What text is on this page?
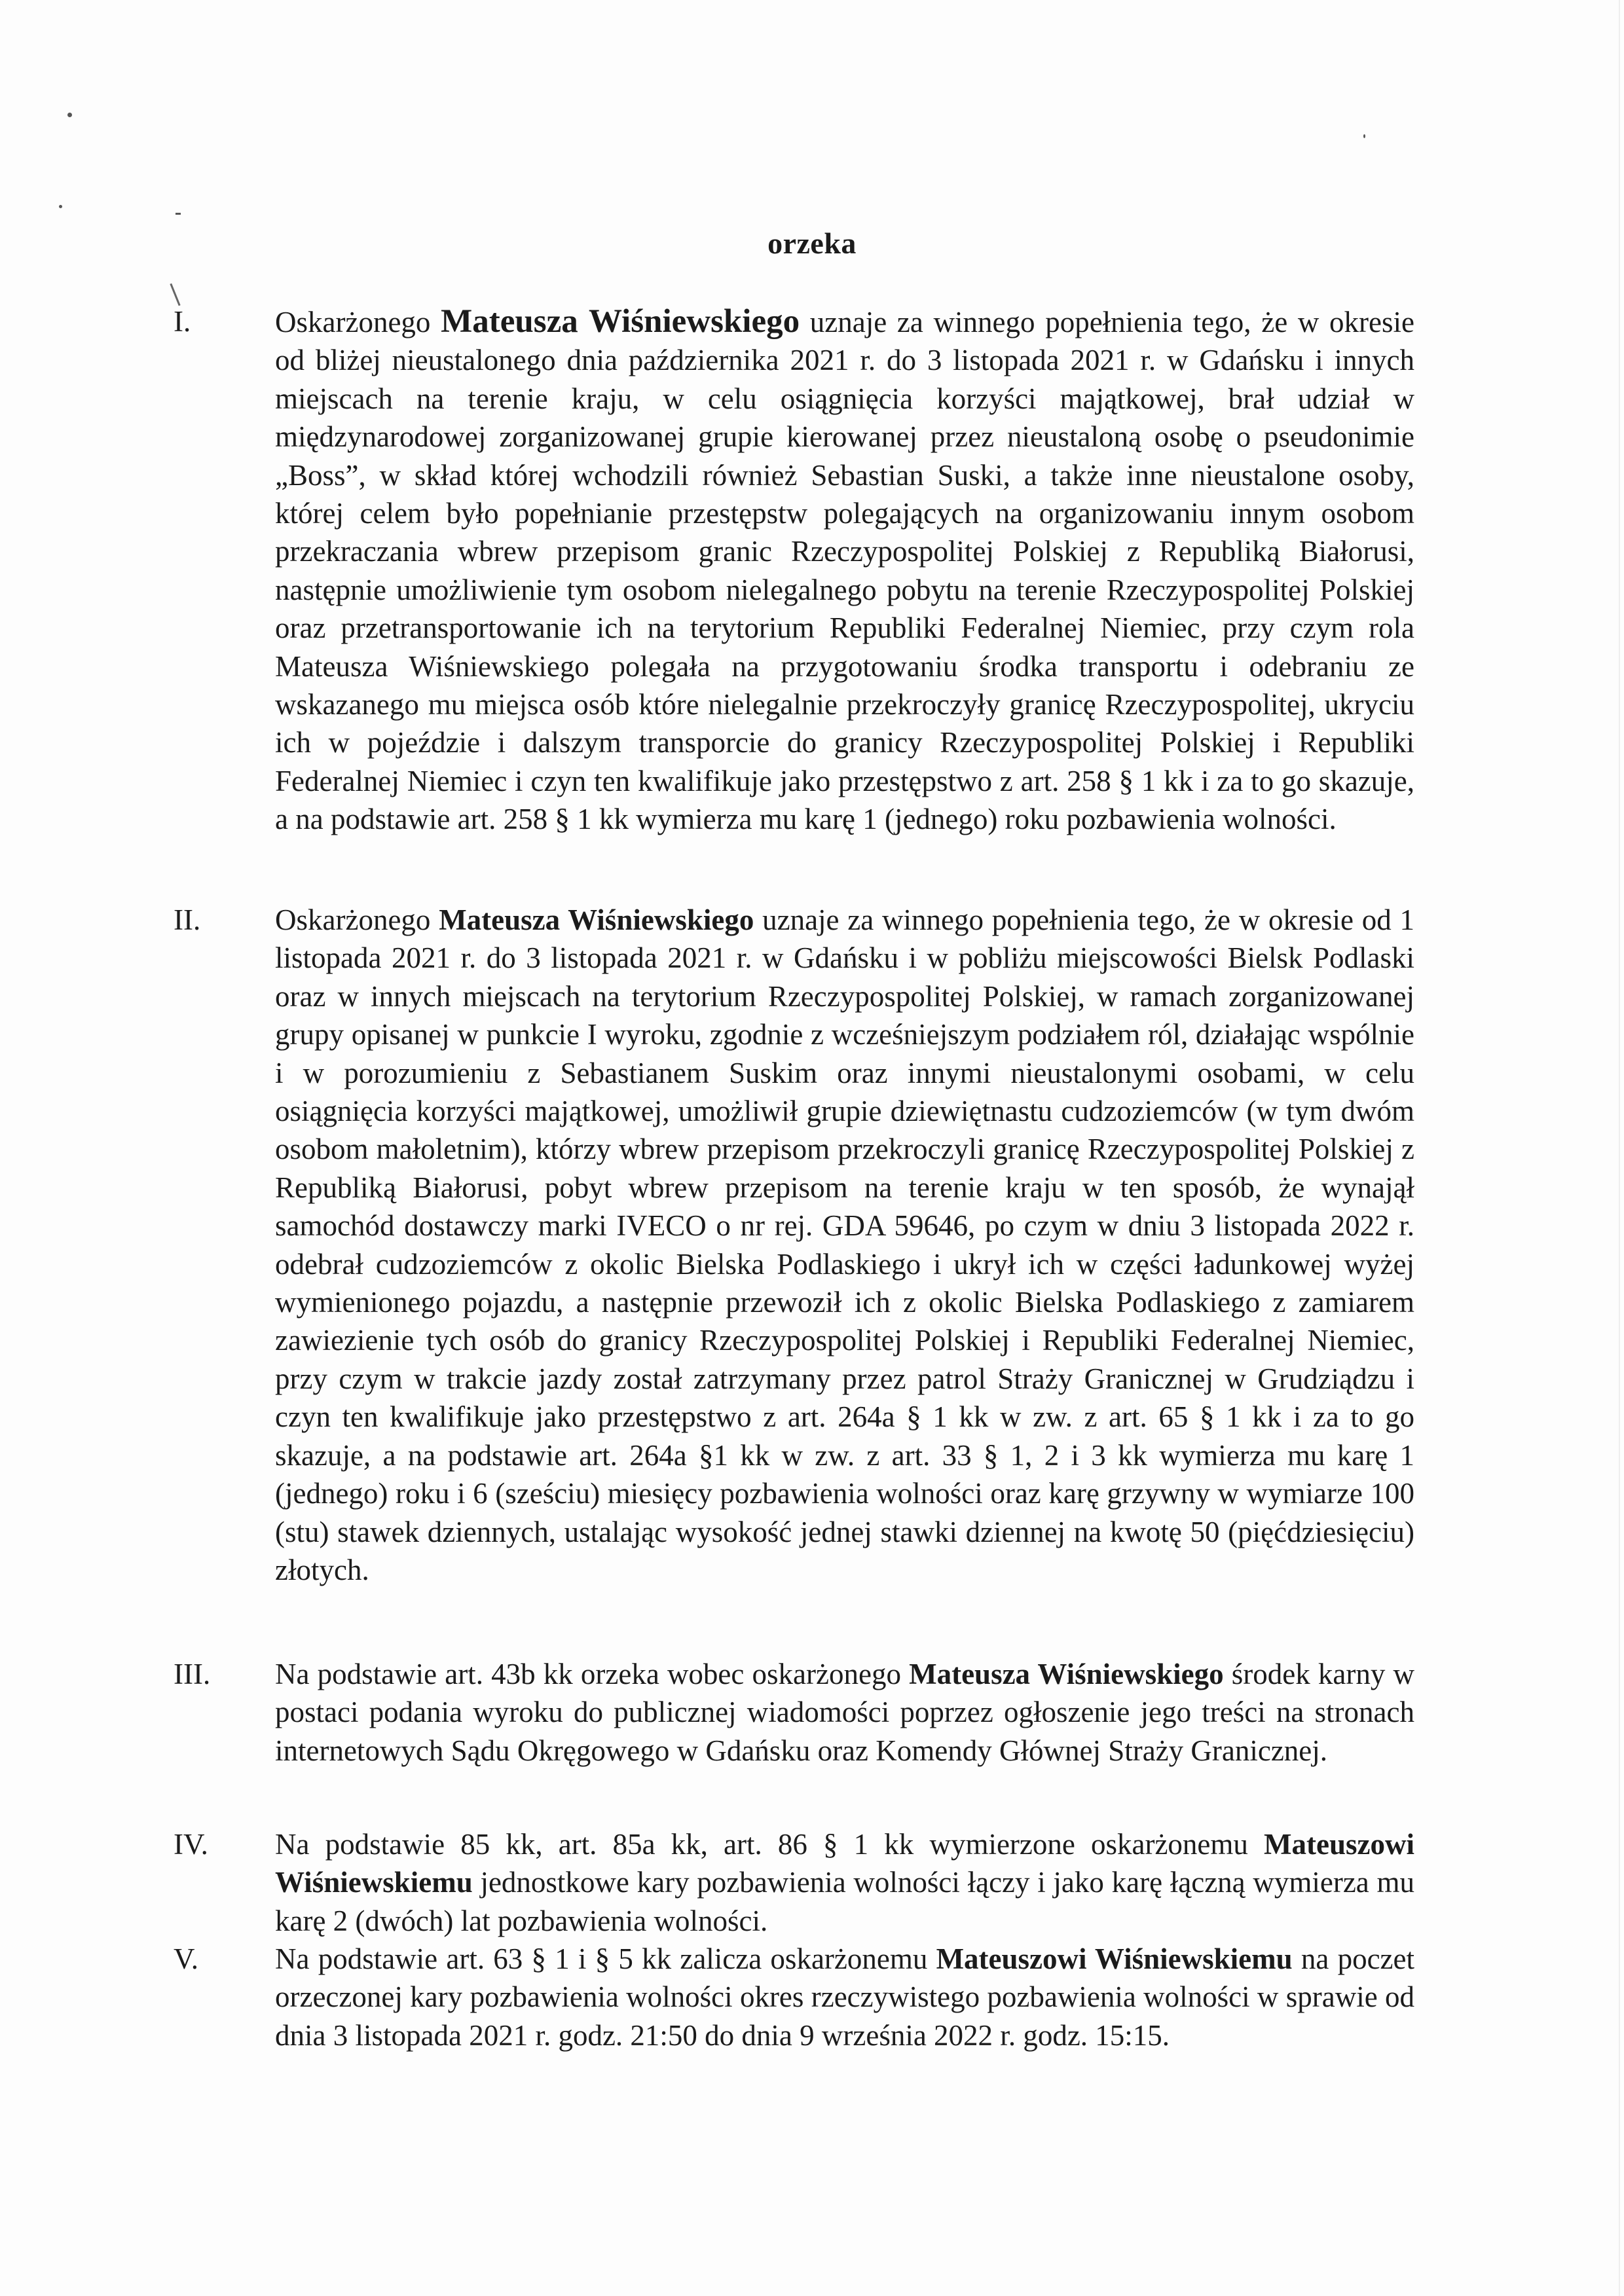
orzeka
I.	Oskarżonego Mateusza Wiśniewskiego uznaje za winnego popełnienia tego, że w okresie od bliżej nieustalonego dnia października 2021 r. do 3 listopada 2021 r. w Gdańsku i innych miejscach na terenie kraju, w celu osiągnięcia korzyści majątkowej, brał udział w międzynarodowej zorganizowanej grupie kierowanej przez nieustaloną osobę o pseudonimie „Boss”, w skład której wchodzili również Sebastian Suski, a także inne nieustalone osoby, której celem było popełnianie przestępstw polegających na organizowaniu innym osobom przekraczania wbrew przepisom granic Rzeczypospolitej Polskiej z Republiką Białorusi, następnie umożliwienie tym osobom nielegalnego pobytu na terenie Rzeczypospolitej Polskiej oraz przetransportowanie ich na terytorium Republiki Federalnej Niemiec, przy czym rola Mateusza Wiśniewskiego polegała na przygotowaniu środka transportu i odebraniu ze wskazanego mu miejsca osób które nielegalnie przekroczyły granicę Rzeczypospolitej, ukryciu ich w pojeździe i dalszym transporcie do granicy Rzeczypospolitej Polskiej i Republiki Federalnej Niemiec i czyn ten kwalifikuje jako przestępstwo z art. 258 § 1 kk i za to go skazuje, a na podstawie art. 258 § 1 kk wymierza mu karę 1 (jednego) roku pozbawienia wolności.
II.	Oskarżonego Mateusza Wiśniewskiego uznaje za winnego popełnienia tego, że w okresie od 1 listopada 2021 r. do 3 listopada 2021 r. w Gdańsku i w pobliżu miejscowości Bielsk Podlaski oraz w innych miejscach na terytorium Rzeczypospolitej Polskiej, w ramach zorganizowanej grupy opisanej w punkcie I wyroku, zgodnie z wcześniejszym podziałem ról, działając wspólnie i w porozumieniu z Sebastianem Suskim oraz innymi nieustalonymi osobami, w celu osiągnięcia korzyści majątkowej, umożliwił grupie dziewiętnastu cudzoziemców (w tym dwóm osobom małoletnim), którzy wbrew przepisom przekroczyli granicę Rzeczypospolitej Polskiej z Republiką Białorusi, pobyt wbrew przepisom na terenie kraju w ten sposób, że wynajął samochód dostawczy marki IVECO o nr rej. GDA 59646, po czym w dniu 3 listopada 2022 r. odebrał cudzoziemców z okolic Bielska Podlaskiego i ukrył ich w części ładunkowej wyżej wymienionego pojazdu, a następnie przewoził ich z okolic Bielska Podlaskiego z zamiarem zawiezienie tych osób do granicy Rzeczypospolitej Polskiej i Republiki Federalnej Niemiec, przy czym w trakcie jazdy został zatrzymany przez patrol Straży Granicznej w Grudziądzu i czyn ten kwalifikuje jako przestępstwo z art. 264a § 1 kk w zw. z art. 65 § 1 kk i za to go skazuje, a na podstawie art. 264a §1 kk w zw. z art. 33 § 1, 2 i 3 kk wymierza mu karę 1 (jednego) roku i 6 (sześciu) miesięcy pozbawienia wolności oraz karę grzywny w wymiarze 100 (stu) stawek dziennych, ustalając wysokość jednej stawki dziennej na kwotę 50 (pięćdziesięciu) złotych.
III.	Na podstawie art. 43b kk orzeka wobec oskarżonego Mateusza Wiśniewskiego środek karny w postaci podania wyroku do publicznej wiadomości poprzez ogłoszenie jego treści na stronach internetowych Sądu Okręgowego w Gdańsku oraz Komendy Głównej Straży Granicznej.
IV.	Na podstawie 85 kk, art. 85a kk, art. 86 § 1 kk wymierzone oskarżonemu Mateuszowi Wiśniewskiemu jednostkowe kary pozbawienia wolności łączy i jako karę łączną wymierza mu karę 2 (dwóch) lat pozbawienia wolności.
V.	Na podstawie art. 63 § 1 i § 5 kk zalicza oskarżonemu Mateuszowi Wiśniewskiemu na poczet orzeczonej kary pozbawienia wolności okres rzeczywistego pozbawienia wolności w sprawie od dnia 3 listopada 2021 r. godz. 21:50 do dnia 9 września 2022 r. godz. 15:15.
